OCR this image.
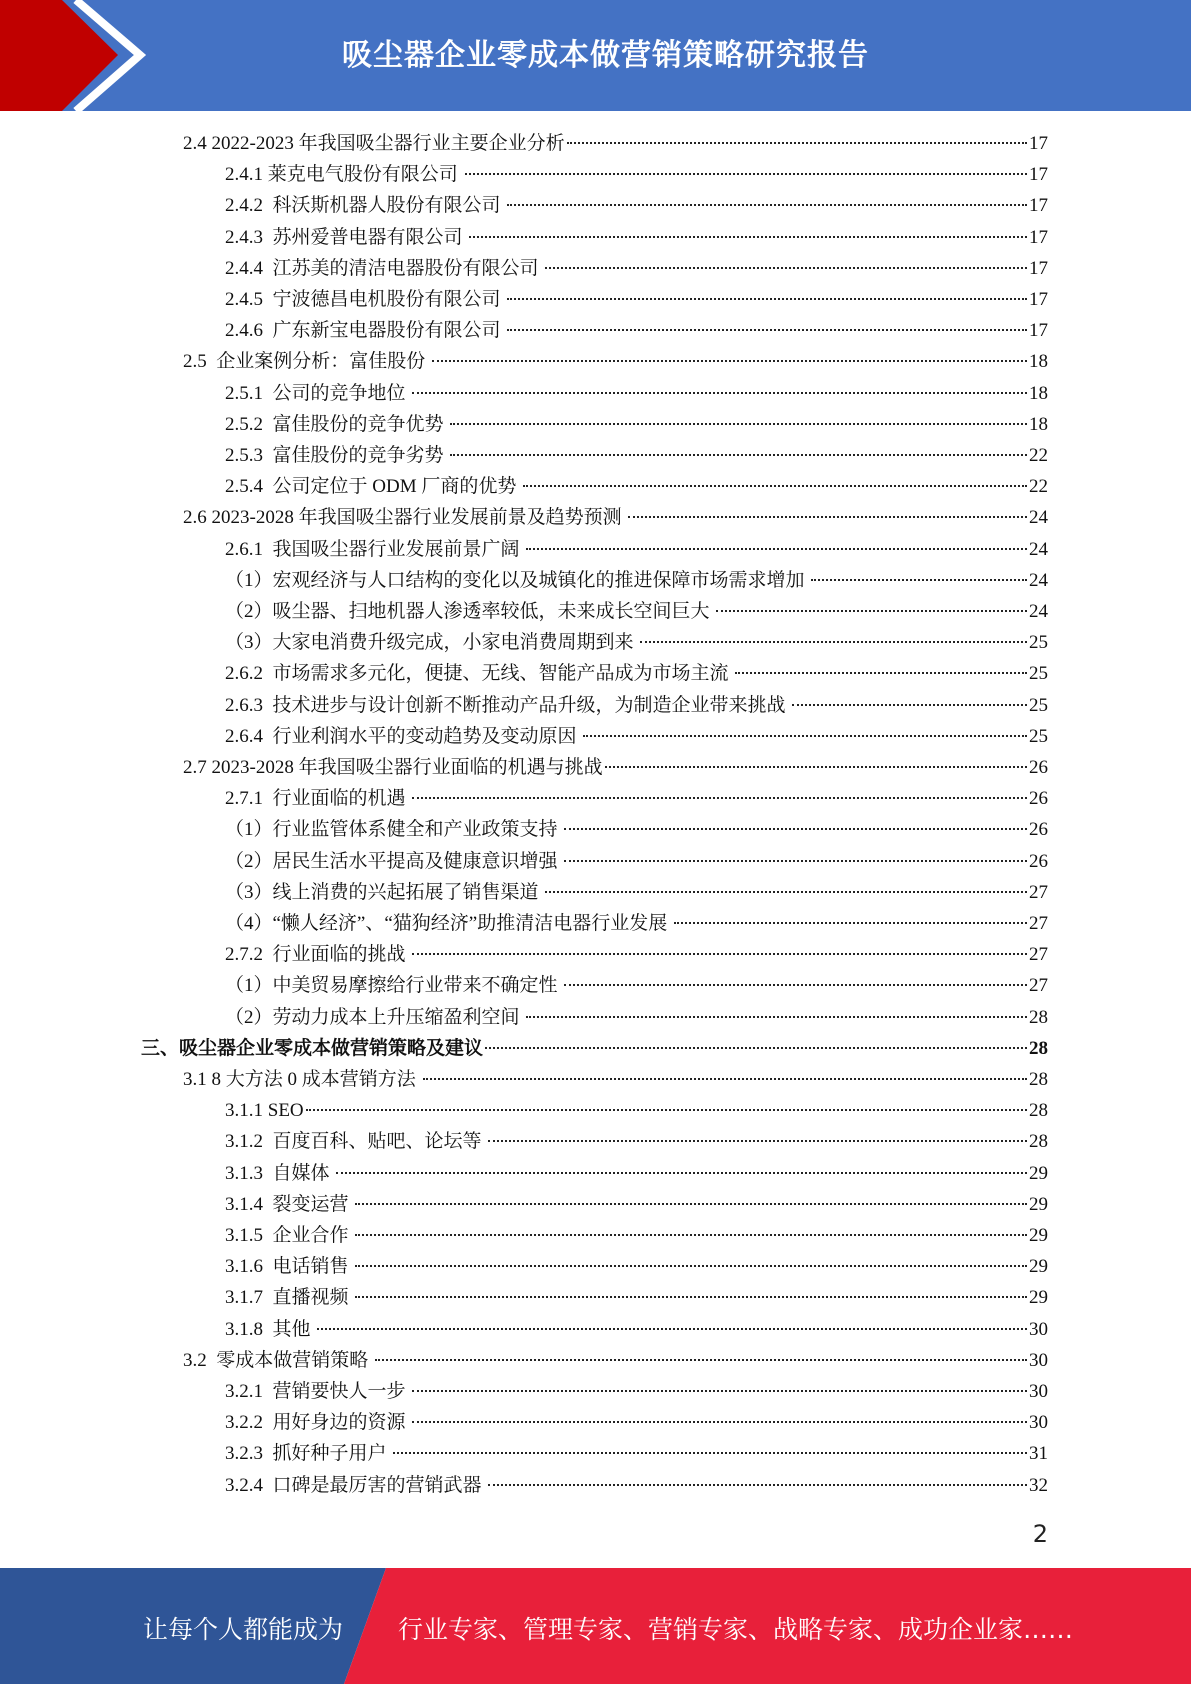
吸尘器企业零成本做营销策略研究报告
2.4 2022-2023 年我国吸尘器行业主要企业分析	17
2.4.1 莱克电气股份有限公司	17
2.4.2  科沃斯机器人股份有限公司	17
2.4.3  苏州爱普电器有限公司	17
2.4.4  江苏美的清洁电器股份有限公司	17
2.4.5  宁波德昌电机股份有限公司	17
2.4.6  广东新宝电器股份有限公司	17
2.5  企业案例分析：富佳股份	18
2.5.1  公司的竞争地位	18
2.5.2  富佳股份的竞争优势	18
2.5.3  富佳股份的竞争劣势	22
2.5.4  公司定位于 ODM 厂商的优势	22
2.6 2023-2028 年我国吸尘器行业发展前景及趋势预测	24
2.6.1  我国吸尘器行业发展前景广阔	24
（1）宏观经济与人口结构的变化以及城镇化的推进保障市场需求增加	24
（2）吸尘器、扫地机器人渗透率较低，未来成长空间巨大	24
（3）大家电消费升级完成，小家电消费周期到来	25
2.6.2  市场需求多元化，便捷、无线、智能产品成为市场主流	25
2.6.3  技术进步与设计创新不断推动产品升级，为制造企业带来挑战	25
2.6.4  行业利润水平的变动趋势及变动原因	25
2.7 2023-2028 年我国吸尘器行业面临的机遇与挑战	26
2.7.1  行业面临的机遇	26
（1）行业监管体系健全和产业政策支持	26
（2）居民生活水平提高及健康意识增强	26
（3）线上消费的兴起拓展了销售渠道	27
（4）“懒人经济”、“猫狗经济”助推清洁电器行业发展	27
2.7.2  行业面临的挑战	27
（1）中美贸易摩擦给行业带来不确定性	27
（2）劳动力成本上升压缩盈利空间	28
三、吸尘器企业零成本做营销策略及建议	28
3.1 8 大方法 0 成本营销方法	28
3.1.1 SEO	28
3.1.2  百度百科、贴吧、论坛等	28
3.1.3  自媒体	29
3.1.4  裂变运营	29
3.1.5  企业合作	29
3.1.6  电话销售	29
3.1.7  直播视频	29
3.1.8  其他	30
3.2  零成本做营销策略	30
3.2.1  营销要快人一步	30
3.2.2  用好身边的资源	30
3.2.3  抓好种子用户	31
3.2.4  口碑是最厉害的营销武器	32
2
让每个人都能成为 行业专家、管理专家、营销专家、战略专家、成功企业家……
